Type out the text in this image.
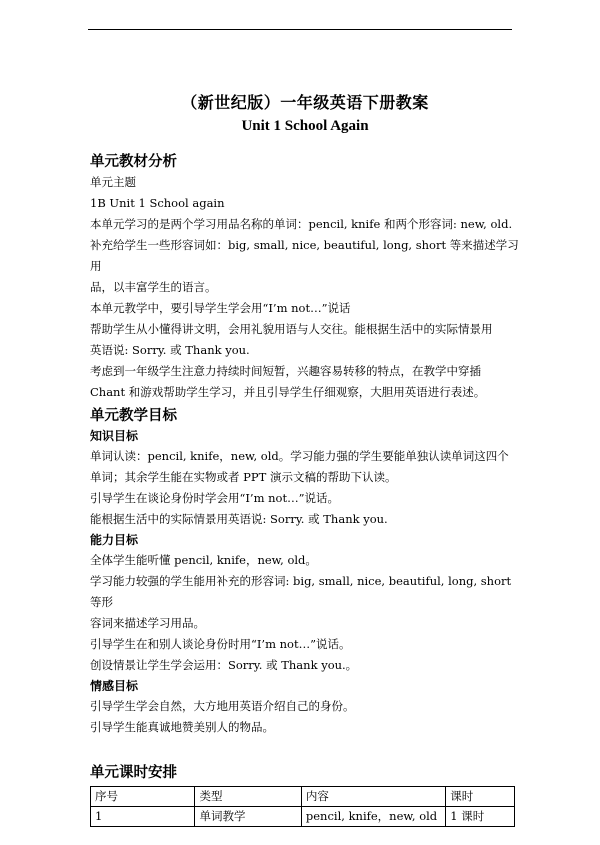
（新世纪版）一年级英语下册教案
Unit 1 School Again
单元教材分析

单元主题

1B Unit 1 School again

本单元学习的是两个学习用品名称的单词：pencil, knife 和两个形容词: new, old.

补充给学生一些形容词如：big, small, nice, beautiful, long, short 等来描述学习用

品，以丰富学生的语言。

本单元教学中，要引导学生学会用“I’m not…”说话

帮助学生从小懂得讲文明，会用礼貌用语与人交往。能根据生活中的实际情景用

英语说: Sorry. 或 Thank you.

考虑到一年级学生注意力持续时间短暂，兴趣容易转移的特点，在教学中穿插

Chant 和游戏帮助学生学习，并且引导学生仔细观察，大胆用英语进行表述。

单元教学目标
知识目标

单词认读：pencil, knife，new, old。学习能力强的学生要能单独认读单词这四个

单词；其余学生能在实物或者 PPT 演示文稿的帮助下认读。

引导学生在谈论身份时学会用“I’m not…”说话。

能根据生活中的实际情景用英语说: Sorry. 或 Thank you.

能力目标

全体学生能听懂 pencil, knife，new, old。

学习能力较强的学生能用补充的形容词: big, small, nice, beautiful, long, short 等形

容词来描述学习用品。

引导学生在和别人谈论身份时用“I’m not…”说话。

创设情景让学生学会运用：Sorry. 或 Thank you.。

情感目标

引导学生学会自然，大方地用英语介绍自己的身份。

引导学生能真诚地赞美别人的物品。

单元课时安排
序号	类型	内容	课时
1	单词教学	pencil, knife，new, old	1 课时
